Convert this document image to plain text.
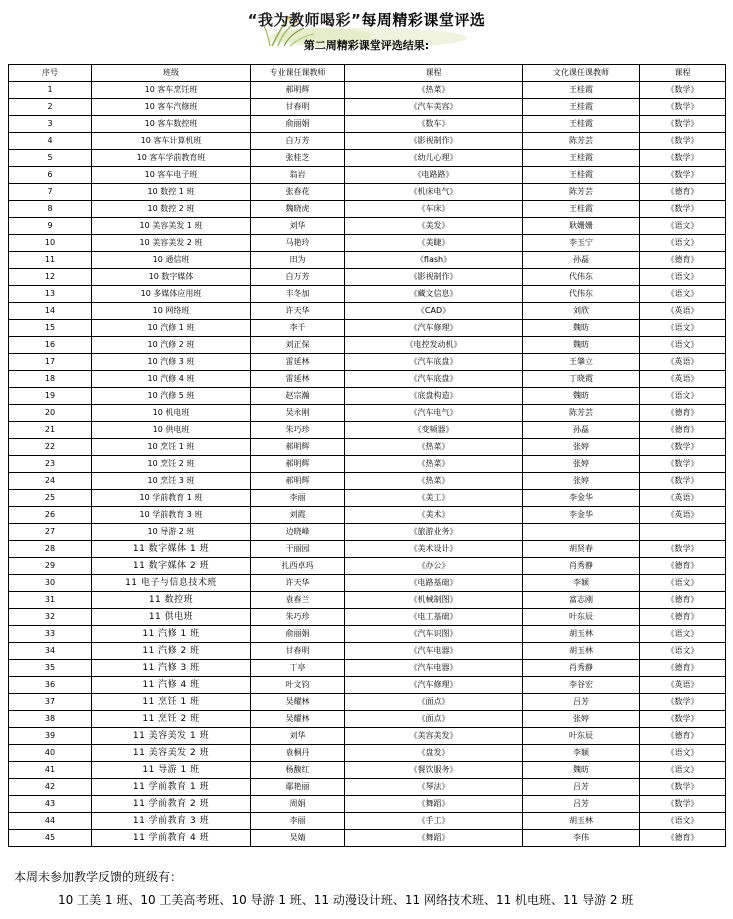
“我为教师喝彩”每周精彩课堂评选
第二周精彩课堂评选结果:
序号	班级	专业课任课教师	课程	文化课任课教师	课程
1	10 客车烹饪班	郝明辉	《热菜》	王桂霞	《数学》
2	10 客车汽修班	甘春明	《汽车美容》	王桂霞	《数学》
3	10 客车数控班	俞丽娟	《数车》	王桂霞	《数学》
4	10 客车计算机班	白万芳	《影视制作》	陈芳芸	《数学》
5	10 客车学前教育班	张桂芝	《幼儿心理》	王桂霞	《数学》
6	10 客车电子班	翁岩	《电路路》	王桂霞	《数学》
7	10 数控 1 班	张春花	《机床电气》	陈芳芸	《德育》
8	10 数控 2 班	魏晓虎	《车床》	王桂霞	《数学》
9	10 美容美发 1 班	刘华	《美发》	耿姗姗	《语文》
10	10 美容美发 2 班	马艳玲	《美睫》	李玉宁	《语文》
11	10 通信班	田为	《flash》	孙磊	《德育》
12	10 数字媒体	白万芳	《影视制作》	代伟东	《语文》
13	10 多媒体应用班	丰冬加	《藏文信息》	代伟东	《语文》
14	10 网络班	许天华	《CAD》	刘欣	《英语》
15	10 汽修 1 班	李千	《汽车修理》	魏昉	《语文》
16	10 汽修 2 班	刘正保	《电控发动机》	魏昉	《语文》
17	10 汽修 3 班	雷延林	《汽车底盘》	王肇立	《英语》
18	10 汽修 4 班	雷延林	《汽车底盘》	丁晓霞	《英语》
19	10 汽修 5 班	赵宗瀚	《底盘构造》	魏昉	《语文》
20	10 机电班	吴永刚	《汽车电气》	陈芳芸	《德育》
21	10 供电班	朱巧珍	《变频器》	孙磊	《德育》
22	10 烹饪 1 班	郝明辉	《热菜》	张婷	《数学》
23	10 烹饪 2 班	郝明辉	《热菜》	张婷	《数学》
24	10 烹饪 3 班	郝明辉	《热菜》	张婷	《数学》
25	10 学前教育 1 班	李丽	《美工》	李金华	《英语》
26	10 学前教育 3 班	刘霞	《美术》	李金华	《英语》
27	10 导游 2 班	边晓峰	《旅游业务》		
28	11 数字媒体 1 班	干丽园	《美术设计》	胡贤春	《数学》
29	11 数字媒体 2 班	扎西卓玛	《办公》	肖秀静	《德育》
30	11 电子与信息技术班	许天华	《电路基础》	李颖	《语文》
31	11 数控班	袁春兰	《机械制图》	富志刚	《德育》
32	11 供电班	朱巧珍	《电工基础》	叶东辰	《德育》
33	11 汽修 1 班	俞丽娟	《汽车识图》	胡玉林	《语文》
34	11 汽修 2 班	甘春明	《汽车电器》	胡玉林	《语文》
35	11 汽修 3 班	丁亭	《汽车电器》	肖秀静	《德育》
36	11 汽修 4 班	叶文钧	《汽车修理》	李谷宏	《英语》
37	11 烹饪 1 班	吴耀林	《面点》	吕芳	《数学》
38	11 烹饪 2 班	吴耀林	《面点》	张婷	《数学》
39	11 美容美发 1 班	刘华	《美容美发》	叶东辰	《德育》
40	11 美容美发 2 班	袁桐丹	《盘发》	李颖	《语文》
41	11 导游 1 班	杨馥红	《餐饮服务》	魏昉	《语文》
42	11 学前教育 1 班	鄢艳丽	《琴法》	吕芳	《数学》
43	11 学前教育 2 班	周娟	《舞蹈》	吕芳	《数学》
44	11 学前教育 3 班	李丽	《手工》	胡玉林	《语文》
45	11 学前教育 4 班	吴婧	《舞蹈》	李伟	《德育》
本周未参加教学反馈的班级有：
10 工美 1 班、10 工美高考班、10 导游 1 班、11 动漫设计班、11 网络技术班、11 机电班、11 导游 2 班
